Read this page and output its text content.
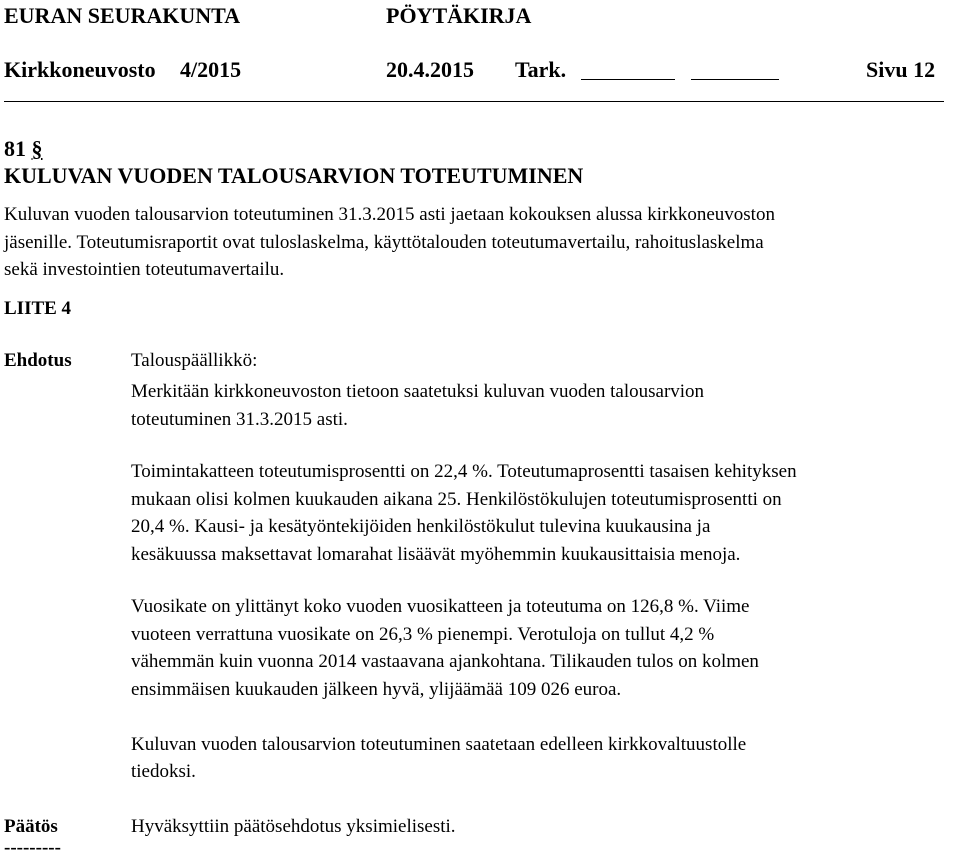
EURAN SEURAKUNTA	PÖYTÄKIRJA
Kirkkoneuvosto 4/2015	20.4.2015 Tark.	Sivu 12
81 §
KULUVAN VUODEN TALOUSARVION TOTEUTUMINEN
Kuluvan vuoden talousarvion toteutuminen 31.3.2015 asti jaetaan kokouksen alussa kirkkoneuvoston
jäsenille. Toteutumisraportit ovat tuloslaskelma, käyttötalouden toteutumavertailu, rahoituslaskelma
sekä investointien toteutumavertailu.
LIITE 4
Ehdotus	Talouspäällikkö:
Merkitään kirkkoneuvoston tietoon saatetuksi kuluvan vuoden talousarvion
toteutuminen 31.3.2015 asti.
Toimintakatteen toteutumisprosentti on 22,4 %. Toteutumaprosentti tasaisen kehityksen
mukaan olisi kolmen kuukauden aikana 25. Henkilöstökulujen toteutumisprosentti on
20,4 %. Kausi- ja kesätyöntekijöiden henkilöstökulut tulevina kuukausina ja
kesäkuussa maksettavat lomarahat lisäävät myöhemmin kuukausittaisia menoja.
Vuosikate on ylittänyt koko vuoden vuosikatteen ja toteutuma on 126,8 %. Viime
vuoteen verrattuna vuosikate on 26,3 % pienempi. Verotuloja on tullut 4,2 %
vähemmän kuin vuonna 2014 vastaavana ajankohtana. Tilikauden tulos on kolmen
ensimmäisen kuukauden jälkeen hyvä, ylijäämää 109 026 euroa.
Kuluvan vuoden talousarvion toteutuminen saatetaan edelleen kirkkovaltuustolle
tiedoksi.
Päätös	Hyväksyttiin päätösehdotus yksimielisesti.
---------
